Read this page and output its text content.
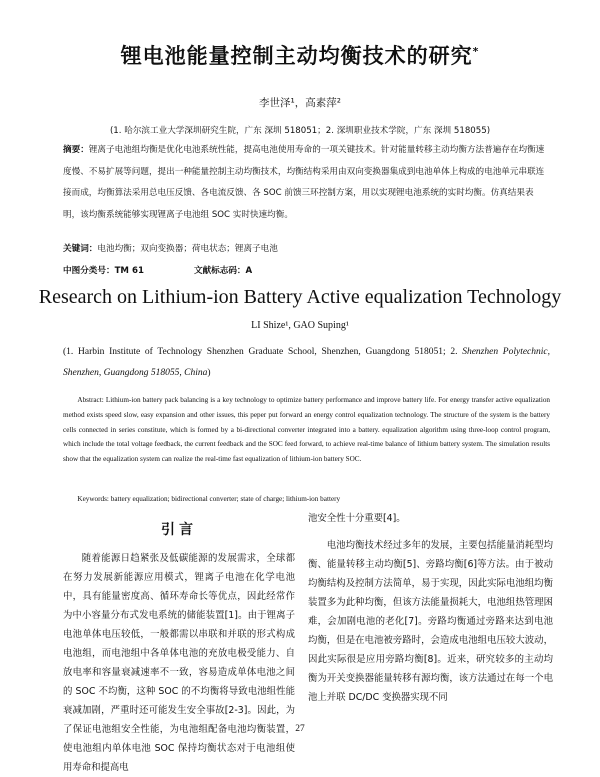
锂电池能量控制主动均衡技术的研究*
李世泽¹，高素萍²
(1. 哈尔滨工业大学深圳研究生院，广东 深圳 518051；2. 深圳职业技术学院，广东 深圳 518055)
摘要：锂离子电池组均衡是优化电池系统性能，提高电池使用寿命的一项关键技术。针对能量转移主动均衡方法普遍存在均衡速度慢、不易扩展等问题，提出一种能量控制主动均衡技术，均衡结构采用由双向变换器集成到电池单体上构成的电池单元串联连接而成，均衡算法采用总电压反馈、各电流反馈、各 SOC 前馈三环控制方案，用以实现锂电池系统的实时均衡。仿真结果表明，该均衡系统能够实现锂离子电池组 SOC 实时快速均衡。
关键词：电池均衡；双向变换器；荷电状态；锂离子电池
中图分类号：TM 61	文献标志码：A
Research on Lithium-ion Battery Active equalization Technology
LI Shize¹, GAO Suping¹
(1. Harbin Institute of Technology Shenzhen Graduate School, Shenzhen, Guangdong 518051; 2. Shenzhen Polytechnic, Shenzhen, Guangdong 518055, China)
Abstract: Lithium-ion battery pack balancing is a key technology to optimize battery performance and improve battery life. For energy transfer active equalization method exists speed slow, easy expansion and other issues, this peper put forward an energy control equalization technology. The structure of the system is the battery cells connected in series constitute, which is formed by a bi-directional converter integrated into a battery. equalization algorithm using three-loop control program, which include the total voltage feedback, the current feedback and the SOC feed forward, to achieve real-time balance of lithium battery system. The simulation results show that the equalization system can realize the real-time fast equalization of lithium-ion battery SOC.
Keywords: battery equalization; bidirectional converter; state of charge; lithium-ion battery
引言

随着能源日趋紧张及低碳能源的发展需求，全球都在努力发展新能源应用模式，锂离子电池在化学电池中，具有能量密度高、循环寿命长等优点，因此经常作为中小容量分布式发电系统的储能装置[1]。由于锂离子电池单体电压较低，一般都需以串联和并联的形式构成电池组，而电池组中各单体电池的充放电极受能力、自放电率和容量衰减速率不一致，容易造成单体电池之间的 SOC 不均衡，这种 SOC 的不均衡将导致电池组性能衰减加剧，严重时还可能发生安全事故[2-3]。因此，为了保证电池组安全性能，为电池组配备电池均衡装置，使电池组内单体电池 SOC 保持均衡状态对于电池组使用寿命和提高电

池安全性十分重要[4]。

电池均衡技术经过多年的发展，主要包括能量消耗型均衡、能量转移主动均衡[5]、旁路均衡[6]等方法。由于被动均衡结构及控制方法简单，易于实现，因此实际电池组均衡装置多为此种均衡，但该方法能量损耗大，电池组热管理困难，会加剧电池的老化[7]。旁路均衡通过旁路来达到电池均衡，但是在电池被旁路时，会造成电池组电压较大波动，因此实际很是应用旁路均衡[8]。近来，研究较多的主动均衡为开关变换器能量转移有源均衡，该方法通过在每一个电池上并联 DC/DC 变换器实现不同

27
